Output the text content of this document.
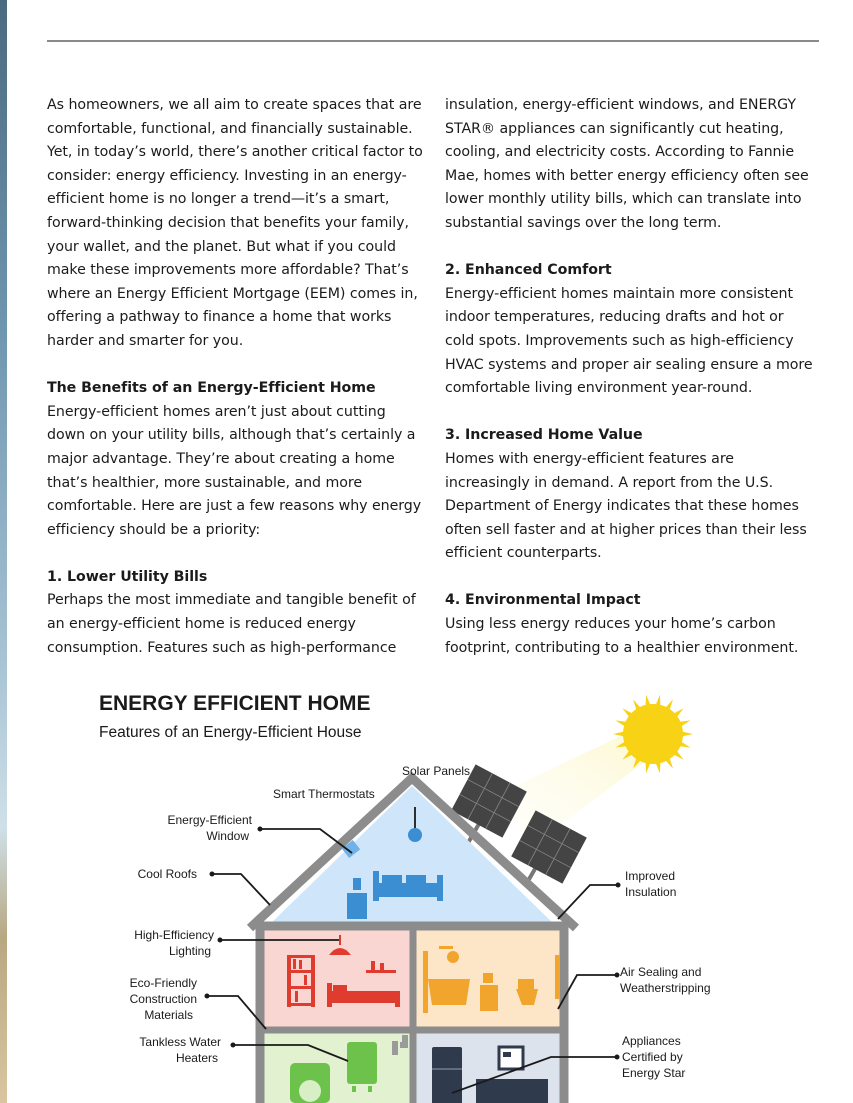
As homeowners, we all aim to create spaces that are comfortable, functional, and financially sustainable. Yet, in today’s world, there’s another critical factor to consider: energy efficiency. Investing in an energy-efficient home is no longer a trend—it’s a smart, forward-thinking decision that benefits your family, your wallet, and the planet. But what if you could make these improvements more affordable? That’s where an Energy Efficient Mortgage (EEM) comes in, offering a pathway to finance a home that works harder and smarter for you.

The Benefits of an Energy-Efficient Home

Energy-efficient homes aren’t just about cutting down on your utility bills, although that’s certainly a major advantage. They’re about creating a home that’s healthier, more sustainable, and more comfortable. Here are just a few reasons why energy efficiency should be a priority:

1. Lower Utility Bills

Perhaps the most immediate and tangible benefit of an energy-efficient home is reduced energy consumption. Features such as high-performance

insulation, energy-efficient windows, and ENERGY STAR® appliances can significantly cut heating, cooling, and electricity costs. According to Fannie Mae, homes with better energy efficiency often see lower monthly utility bills, which can translate into substantial savings over the long term.

2. Enhanced Comfort

Energy-efficient homes maintain more consistent indoor temperatures, reducing drafts and hot or cold spots. Improvements such as high-efficiency HVAC systems and proper air sealing ensure a more comfortable living environment year-round.

3. Increased Home Value

Homes with energy-efficient features are increasingly in demand. A report from the U.S. Department of Energy indicates that these homes often sell faster and at higher prices than their less efficient counterparts.

4. Environmental Impact

Using less energy reduces your home’s carbon footprint, contributing to a healthier environment.

ENERGY EFFICIENT HOME
Features of an Energy-Efficient House
Solar Panels
Smart Thermostats
Energy-Efficient
Window
Cool Roofs
High-Efficiency
Lighting
Eco-Friendly
Construction
Materials
Tankless Water
Heaters
Improved
Insulation
Air Sealing and
Weatherstripping
Appliances
Certified by
Energy Star
